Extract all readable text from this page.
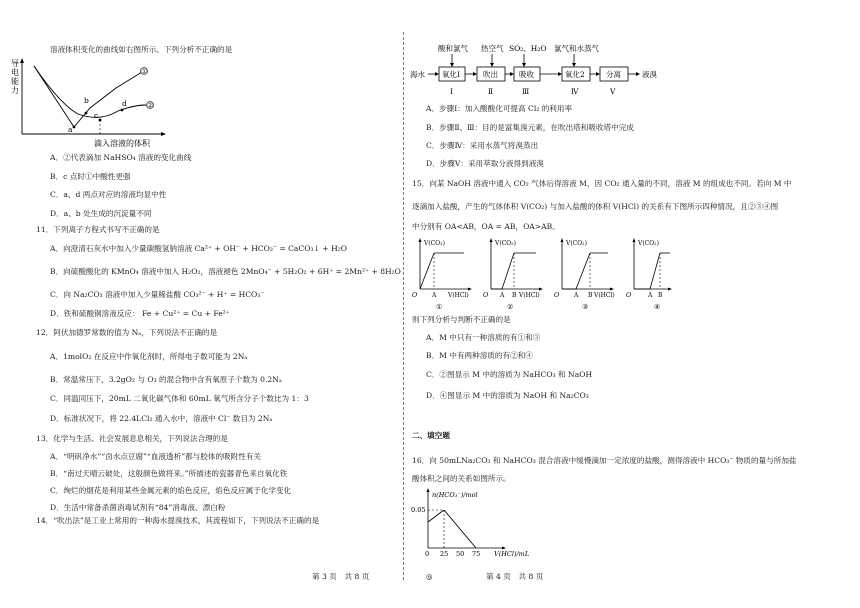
溶液体积变化的曲线如右图所示。下列分析不正确的是
导
电
能
力
①
②
a
b
c
d
滴入溶液的体积
A．②代表滴加 NaHSO₄ 溶液的变化曲线
B．c 点时①中酸性更强
C．a、d 两点对应的溶液均显中性
D．a、b 处生成的沉淀量不同
11．下列离子方程式书写不正确的是
A．向澄清石灰水中加入少量碳酸氢钠溶液 Ca²⁺ + OH⁻ + HCO₃⁻ = CaCO₃↓ + H₂O
B．向硫酸酸化的 KMnO₄ 溶液中加入 H₂O₂，溶液褪色 2MnO₄⁻ + 5H₂O₂ + 6H⁺ = 2Mn²⁺ + 8H₂O
C．向 Na₂CO₃ 溶液中加入少量稀盐酸 CO₃²⁻ + H⁺ = HCO₃⁻
D．铁和硫酸铜溶液反应： Fe + Cu²⁺ = Cu + Fe²⁺
12．阿伏加德罗常数的值为 Nₐ，下列说法不正确的是
A．1molO₂ 在反应中作氧化剂时，所得电子数可能为 2Nₐ
B．常温常压下，3.2gO₂ 与 O₃ 的混合物中含有氧原子个数为 0.2Nₐ
C．同温同压下，20mL 二氧化碳气体和 60mL 氧气所含分子个数比为 1：3
D．标准状况下，将 22.4LCl₂ 通入水中，溶液中 Cl⁻ 数目为 2Nₐ
13．化学与生活、社会发展息息相关，下列说法合理的是
A．“明矾净水”“卤水点豆腐”“血液透析”都与胶体的吸附性有关
B．“南过天晴云破处，这般颜色做将来。”所描述的瓷器青色来自氧化铁
C．绚烂的烟花是利用某些金属元素的焰色反应，焰色反应属于化学变化
D．生活中常备杀菌消毒试剂有“84”消毒液、漂白粉
14．“吹出法”是工业上常用的一种海水提溴技术，其流程如下，下列说法不正确的是
第 3 页　共 8 页	◎
酸和氯气 热空气 SO₂、H₂O 氯气和水蒸气
海水 氧化Ⅰ	吹出	吸收	氧化2	分离	液溴
Ⅰ	Ⅱ	Ⅲ	Ⅳ	Ⅴ
A．步骤Ⅰ：加入酸酸化可提高 Cl₂ 的利用率
B．步骤Ⅱ、Ⅲ：目的是富集溴元素，在吹出塔和吸收塔中完成
C．步骤Ⅳ：采用水蒸气将溴蒸出
D．步骤Ⅴ：采用萃取分液得到液溴
15．向某 NaOH 溶液中通入 CO₂ 气体后得溶液 M，因 CO₂ 通入量的不同，溶液 M 的组成也不同。若向 M 中
逐滴加入盐酸，产生的气体体积 V(CO₂) 与加入盐酸的体积 V(HCl) 的关系有下图所示四种情况，且②③④图
中分别有 OA<AB，OA = AB，OA>AB。
V(CO₂)
O A V(HCl)
①
V(CO₂)
O A B V(HCl)
②
V(CO₂)
O A B V(HCl)
③
V(CO₂)
O	A B
④
则下列分析与判断不正确的是
A．M 中只有一种溶质的有①和③
B．M 中有两种溶质的有②和④
C．②图显示 M 中的溶质为 NaHCO₃ 和 NaOH
D．④图显示 M 中的溶质为 NaOH 和 Na₂CO₃
二、填空题
16．向 50mLNa₂CO₃ 和 NaHCO₃ 混合溶液中缓慢滴加一定浓度的盐酸，测得溶液中 HCO₃⁻ 物质的量与所加盐
酸体积之间的关系如图所示。
n(HCO₃⁻)/mol
0.05
0 25 50 75 V(HCl)/mL
第 4 页　共 8 页
